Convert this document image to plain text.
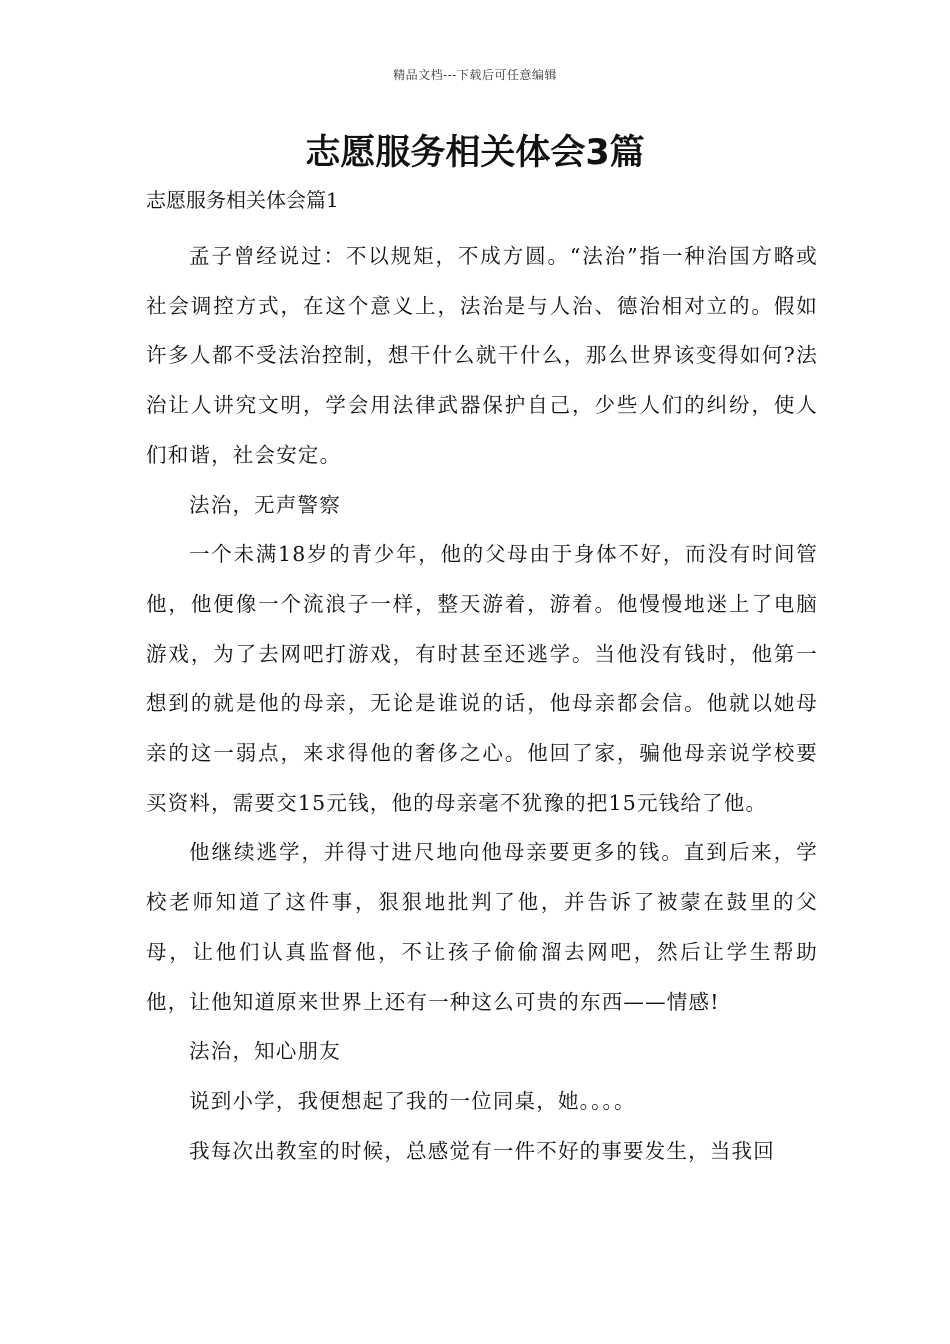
精品文档---下载后可任意编辑
志愿服务相关体会3篇

志愿服务相关体会篇1

孟子曾经说过：不以规矩，不成方圆。“法治”指一种治国方略或社会调控方式，在这个意义上，法治是与人治、德治相对立的。假如许多人都不受法治控制，想干什么就干什么，那么世界该变得如何?法治让人讲究文明，学会用法律武器保护自己，少些人们的纠纷，使人们和谐，社会安定。

法治，无声警察

一个未满18岁的青少年，他的父母由于身体不好，而没有时间管他，他便像一个流浪子一样，整天游着，游着。他慢慢地迷上了电脑游戏，为了去网吧打游戏，有时甚至还逃学。当他没有钱时，他第一想到的就是他的母亲，无论是谁说的话，他母亲都会信。他就以她母亲的这一弱点，来求得他的奢侈之心。他回了家，骗他母亲说学校要买资料，需要交15元钱，他的母亲毫不犹豫的把15元钱给了他。

他继续逃学，并得寸进尺地向他母亲要更多的钱。直到后来，学校老师知道了这件事，狠狠地批判了他，并告诉了被蒙在鼓里的父母，让他们认真监督他，不让孩子偷偷溜去网吧，然后让学生帮助他，让他知道原来世界上还有一种这么可贵的东西——情感!

法治，知心朋友

说到小学，我便想起了我的一位同桌，她。。。。

我每次出教室的时候，总感觉有一件不好的事要发生，当我回
